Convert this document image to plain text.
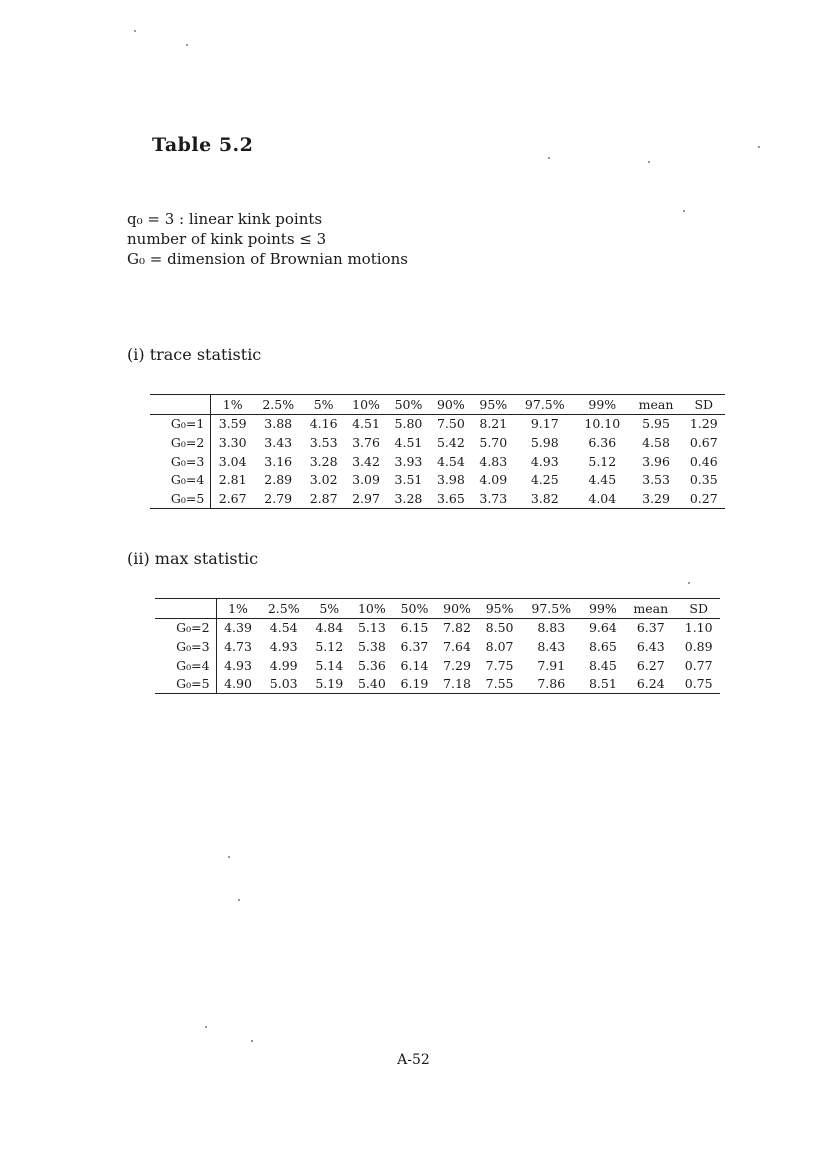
Table 5.2
q₀ = 3 : linear kink points
number of kink points ≤ 3
G₀ = dimension of Brownian motions
(i) trace statistic
	1%	2.5%	5%	10%	50%	90%	95%	97.5%	99%	mean	SD
G₀=1	3.59	3.88	4.16	4.51	5.80	7.50	8.21	9.17	10.10	5.95	1.29
G₀=2	3.30	3.43	3.53	3.76	4.51	5.42	5.70	5.98	6.36	4.58	0.67
G₀=3	3.04	3.16	3.28	3.42	3.93	4.54	4.83	4.93	5.12	3.96	0.46
G₀=4	2.81	2.89	3.02	3.09	3.51	3.98	4.09	4.25	4.45	3.53	0.35
G₀=5	2.67	2.79	2.87	2.97	3.28	3.65	3.73	3.82	4.04	3.29	0.27
(ii) max statistic
	1%	2.5%	5%	10%	50%	90%	95%	97.5%	99%	mean	SD
G₀=2	4.39	4.54	4.84	5.13	6.15	7.82	8.50	8.83	9.64	6.37	1.10
G₀=3	4.73	4.93	5.12	5.38	6.37	7.64	8.07	8.43	8.65	6.43	0.89
G₀=4	4.93	4.99	5.14	5.36	6.14	7.29	7.75	7.91	8.45	6.27	0.77
G₀=5	4.90	5.03	5.19	5.40	6.19	7.18	7.55	7.86	8.51	6.24	0.75
A-52
